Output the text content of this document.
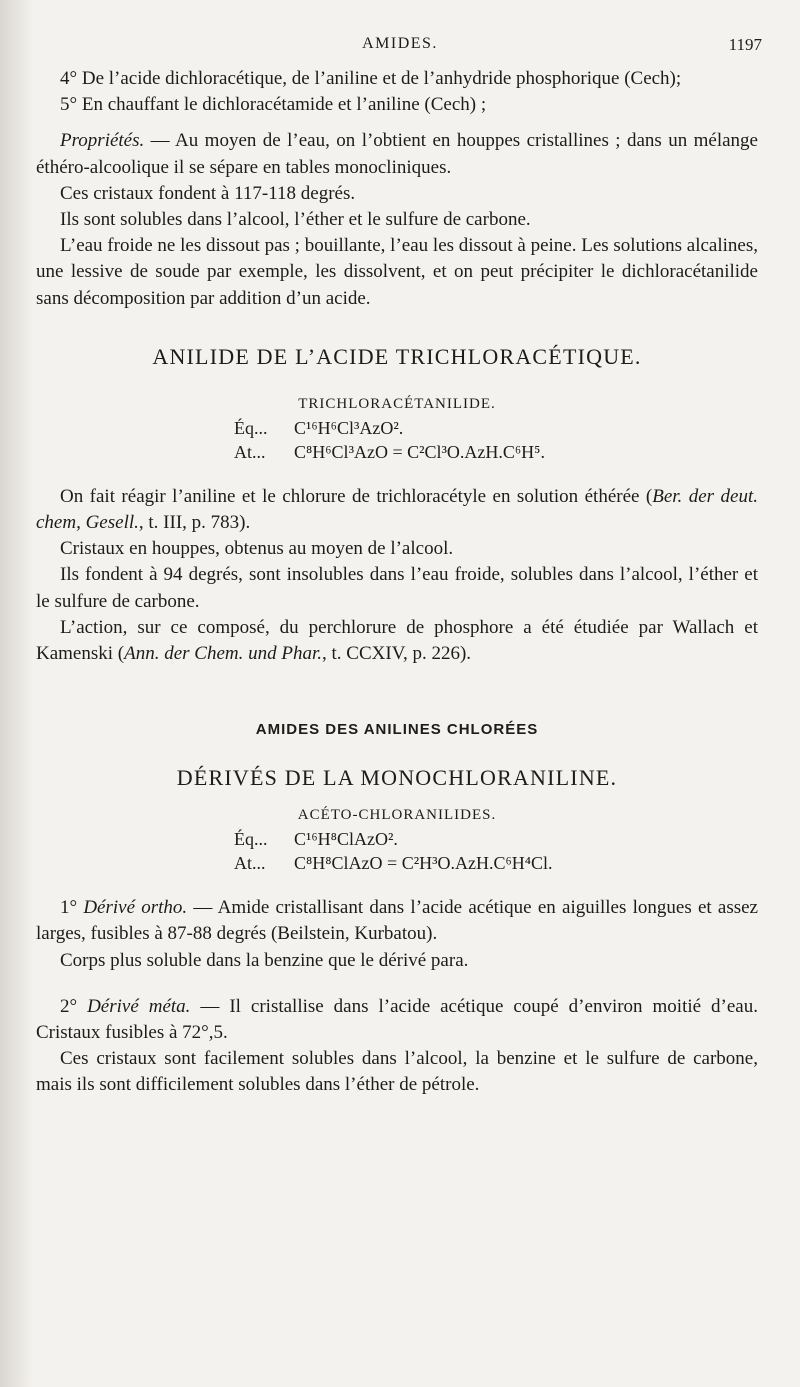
AMIDES.	1197

4° De l’acide dichloracétique, de l’aniline et de l’anhydride phosphorique (Cech);

5° En chauffant le dichloracétamide et l’aniline (Cech) ;

Propriétés. — Au moyen de l’eau, on l’obtient en houppes cristallines ; dans un mélange éthéro-alcoolique il se sépare en tables monocliniques.

Ces cristaux fondent à 117-118 degrés.

Ils sont solubles dans l’alcool, l’éther et le sulfure de carbone.

L’eau froide ne les dissout pas ; bouillante, l’eau les dissout à peine. Les solutions alcalines, une lessive de soude par exemple, les dissolvent, et on peut précipiter le dichloracétanilide sans décomposition par addition d’un acide.

ANILIDE DE L’ACIDE TRICHLORACÉTIQUE.
TRICHLORACÉTANILIDE.
Éq... C¹⁶H⁶Cl³AzO².
At... C⁸H⁶Cl³AzO = C²Cl³O.AzH.C⁶H⁵.

On fait réagir l’aniline et le chlorure de trichloracétyle en solution éthérée (Ber. der deut. chem, Gesell., t. III, p. 783).

Cristaux en houppes, obtenus au moyen de l’alcool.

Ils fondent à 94 degrés, sont insolubles dans l’eau froide, solubles dans l’alcool, l’éther et le sulfure de carbone.

L’action, sur ce composé, du perchlorure de phosphore a été étudiée par Wallach et Kamenski (Ann. der Chem. und Phar., t. CCXIV, p. 226).

AMIDES DES ANILINES CHLORÉES
DÉRIVÉS DE LA MONOCHLORANILINE.
ACÉTO-CHLORANILIDES.
Éq... C¹⁶H⁸ClAzO².
At... C⁸H⁸ClAzO = C²H³O.AzH.C⁶H⁴Cl.

1° Dérivé ortho. — Amide cristallisant dans l’acide acétique en aiguilles longues et assez larges, fusibles à 87-88 degrés (Beilstein, Kurbatou).

Corps plus soluble dans la benzine que le dérivé para.

2° Dérivé méta. — Il cristallise dans l’acide acétique coupé d’environ moitié d’eau. Cristaux fusibles à 72°,5.

Ces cristaux sont facilement solubles dans l’alcool, la benzine et le sulfure de carbone, mais ils sont difficilement solubles dans l’éther de pétrole.
